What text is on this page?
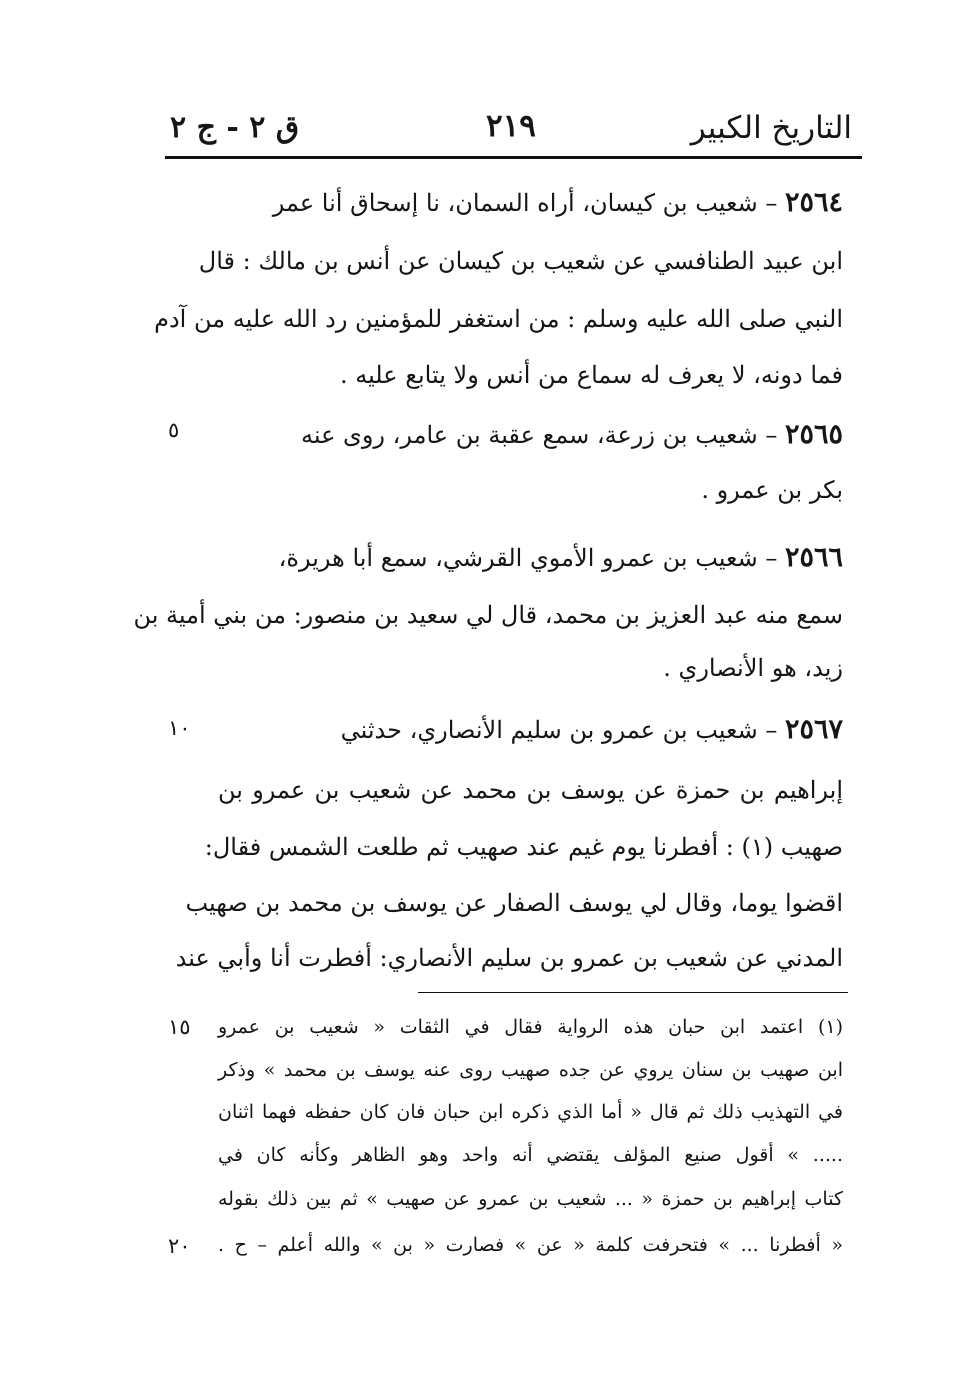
التاريخ الكبير
٢١٩
ق ٢ - ج ٢
٢٥٦٤ – شعيب بن كيسان، أراه السمان، نا إسحاق أنا عمر
ابن عبيد الطنافسي عن شعيب بن كيسان عن أنس بن مالك : قال
النبي صلى الله عليه وسلم : من استغفر للمؤمنين رد الله عليه من آدم
فما دونه، لا يعرف له سماع من أنس ولا يتابع عليه .
٢٥٦٥ – شعيب بن زرعة، سمع عقبة بن عامر، روى عنه
٥
بكر بن عمرو .
٢٥٦٦ – شعيب بن عمرو الأموي القرشي، سمع أبا هريرة،
سمع منه عبد العزيز بن محمد، قال لي سعيد بن منصور: من بني أمية بن
زيد، هو الأنصاري .
٢٥٦٧ – شعيب بن عمرو بن سليم الأنصاري، حدثني
١٠
إبراهيم بن حمزة عن يوسف بن محمد عن شعيب بن عمرو بن
صهيب (١) : أفطرنا يوم غيم عند صهيب ثم طلعت الشمس فقال:
اقضوا يوما، وقال لي يوسف الصفار عن يوسف بن محمد بن صهيب
المدني عن شعيب بن عمرو بن سليم الأنصاري: أفطرت أنا وأبي عند
(١) اعتمد ابن حبان هذه الرواية فقال في الثقات « شعيب بن عمرو
١٥
ابن صهيب بن سنان يروي عن جده صهيب روى عنه يوسف بن محمد » وذكر
في التهذيب ذلك ثم قال « أما الذي ذكره ابن حبان فان كان حفظه فهما اثنان
..... » أقول صنيع المؤلف يقتضي أنه واحد وهو الظاهر وكأنه كان في
كتاب إبراهيم بن حمزة « ... شعيب بن عمرو عن صهيب » ثم بين ذلك بقوله
« أفطرنا ... » فتحرفت كلمة « عن » فصارت « بن » والله أعلم – ح .
٢٠
